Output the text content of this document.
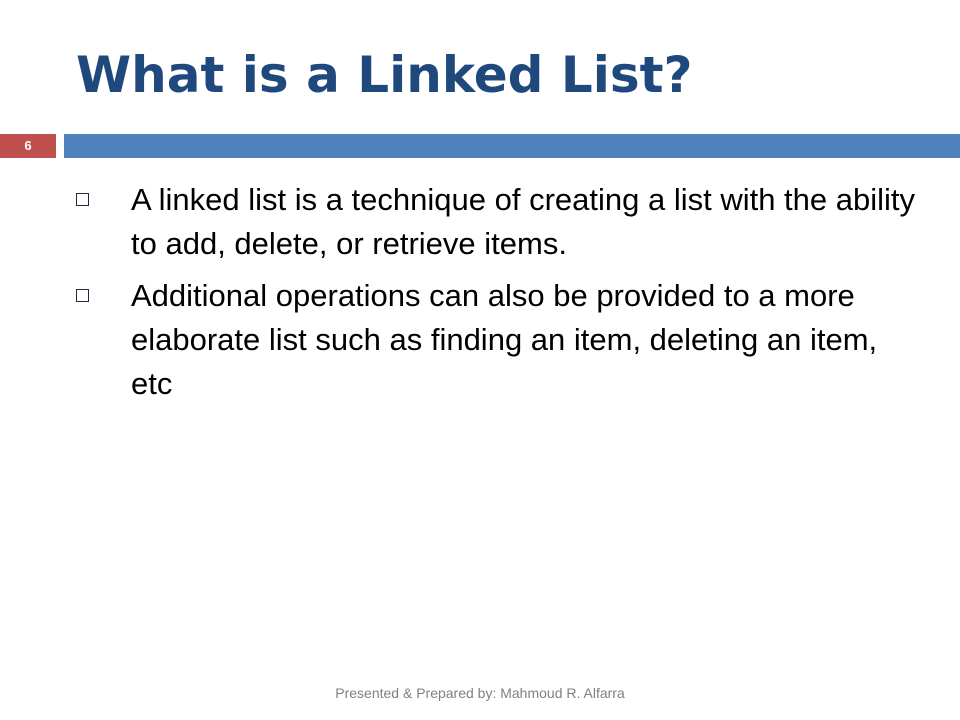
What is a Linked List?
6
A linked list is a technique of creating a list with the ability to add, delete, or retrieve items.
Additional operations can also be provided to a more elaborate list such as finding an item, deleting an item, etc
Presented & Prepared by: Mahmoud R. Alfarra
